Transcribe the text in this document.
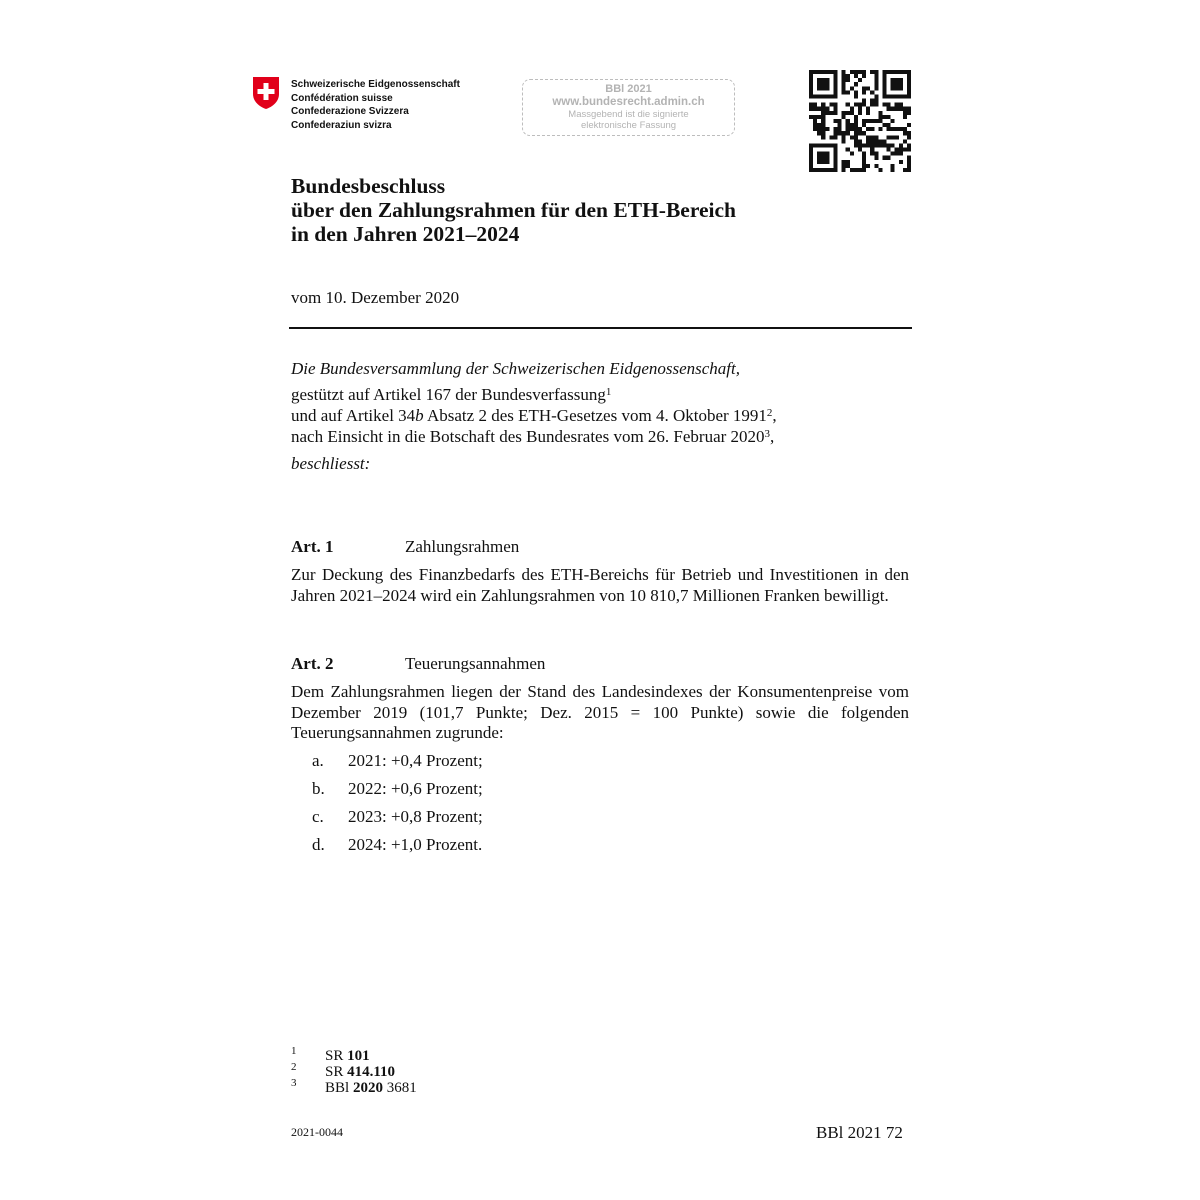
Schweizerische Eidgenossenschaft
Confédération suisse
Confederazione Svizzera
Confederaziun svizra
BBl 2021
www.bundesrecht.admin.ch
Massgebend ist die signierte
elektronische Fassung
Bundesbeschluss
über den Zahlungsrahmen für den ETH-Bereich
in den Jahren 2021–2024
vom 10. Dezember 2020
Die Bundesversammlung der Schweizerischen Eidgenossenschaft,
gestützt auf Artikel 167 der Bundesverfassung$^1$
und auf Artikel 34b Absatz 2 des ETH-Gesetzes vom 4. Oktober 1991$^2$,
nach Einsicht in die Botschaft des Bundesrates vom 26. Februar 2020$^3$,
beschliesst:
Art. 1	Zahlungsrahmen
Zur Deckung des Finanzbedarfs des ETH-Bereichs für Betrieb und Investitionen in den Jahren 2021–2024 wird ein Zahlungsrahmen von 10 810,7 Millionen Franken bewilligt.
Art. 2	Teuerungsannahmen
Dem Zahlungsrahmen liegen der Stand des Landesindexes der Konsumentenpreise vom Dezember 2019 (101,7 Punkte; Dez. 2015 = 100 Punkte) sowie die folgenden Teuerungsannahmen zugrunde:
a. 2021: +0,4 Prozent;
b. 2022: +0,6 Prozent;
c. 2023: +0,8 Prozent;
d. 2024: +1,0 Prozent.
1 SR 101
2 SR 414.110
3 BBl 2020 3681
2021-0044	BBl 2021 72
